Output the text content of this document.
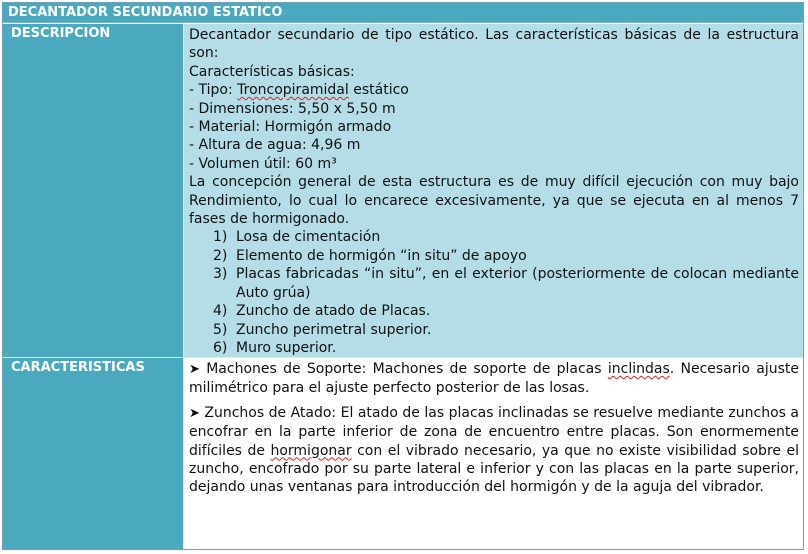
DECANTADOR SECUNDARIO ESTATICO
DESCRIPCION	Decantador secundario de tipo estático. Las características básicas de la estructura son:

Características básicas:

- Tipo: Troncopiramidal estático

- Dimensiones: 5,50 x 5,50 m

- Material: Hormigón armado

- Altura de agua: 4,96 m

- Volumen útil: 60 m³

La concepción general de esta estructura es de muy difícil ejecución con muy bajo Rendimiento, lo cual lo encarece excesivamente, ya que se ejecuta en al menos 7 fases de hormigonado.

1) Losa de cimentación
2) Elemento de hormigón “in situ” de apoyo
3) Placas fabricadas “in situ”, en el exterior (posteriormente de colocan mediante Auto grúa)
4) Zuncho de atado de Placas.
5) Zuncho perimetral superior.
6) Muro superior.
CARACTERISTICAS	➤ Machones de Soporte: Machones de soporte de placas inclindas. Necesario ajuste milimétrico para el ajuste perfecto posterior de las losas.

➤ Zunchos de Atado: El atado de las placas inclinadas se resuelve mediante zunchos a encofrar en la parte inferior de zona de encuentro entre placas. Son enormemente difíciles de hormigonar con el vibrado necesario, ya que no existe visibilidad sobre el zuncho, encofrado por su parte lateral e inferior y con las placas en la parte superior, dejando unas ventanas para introducción del hormigón y de la aguja del vibrador.
